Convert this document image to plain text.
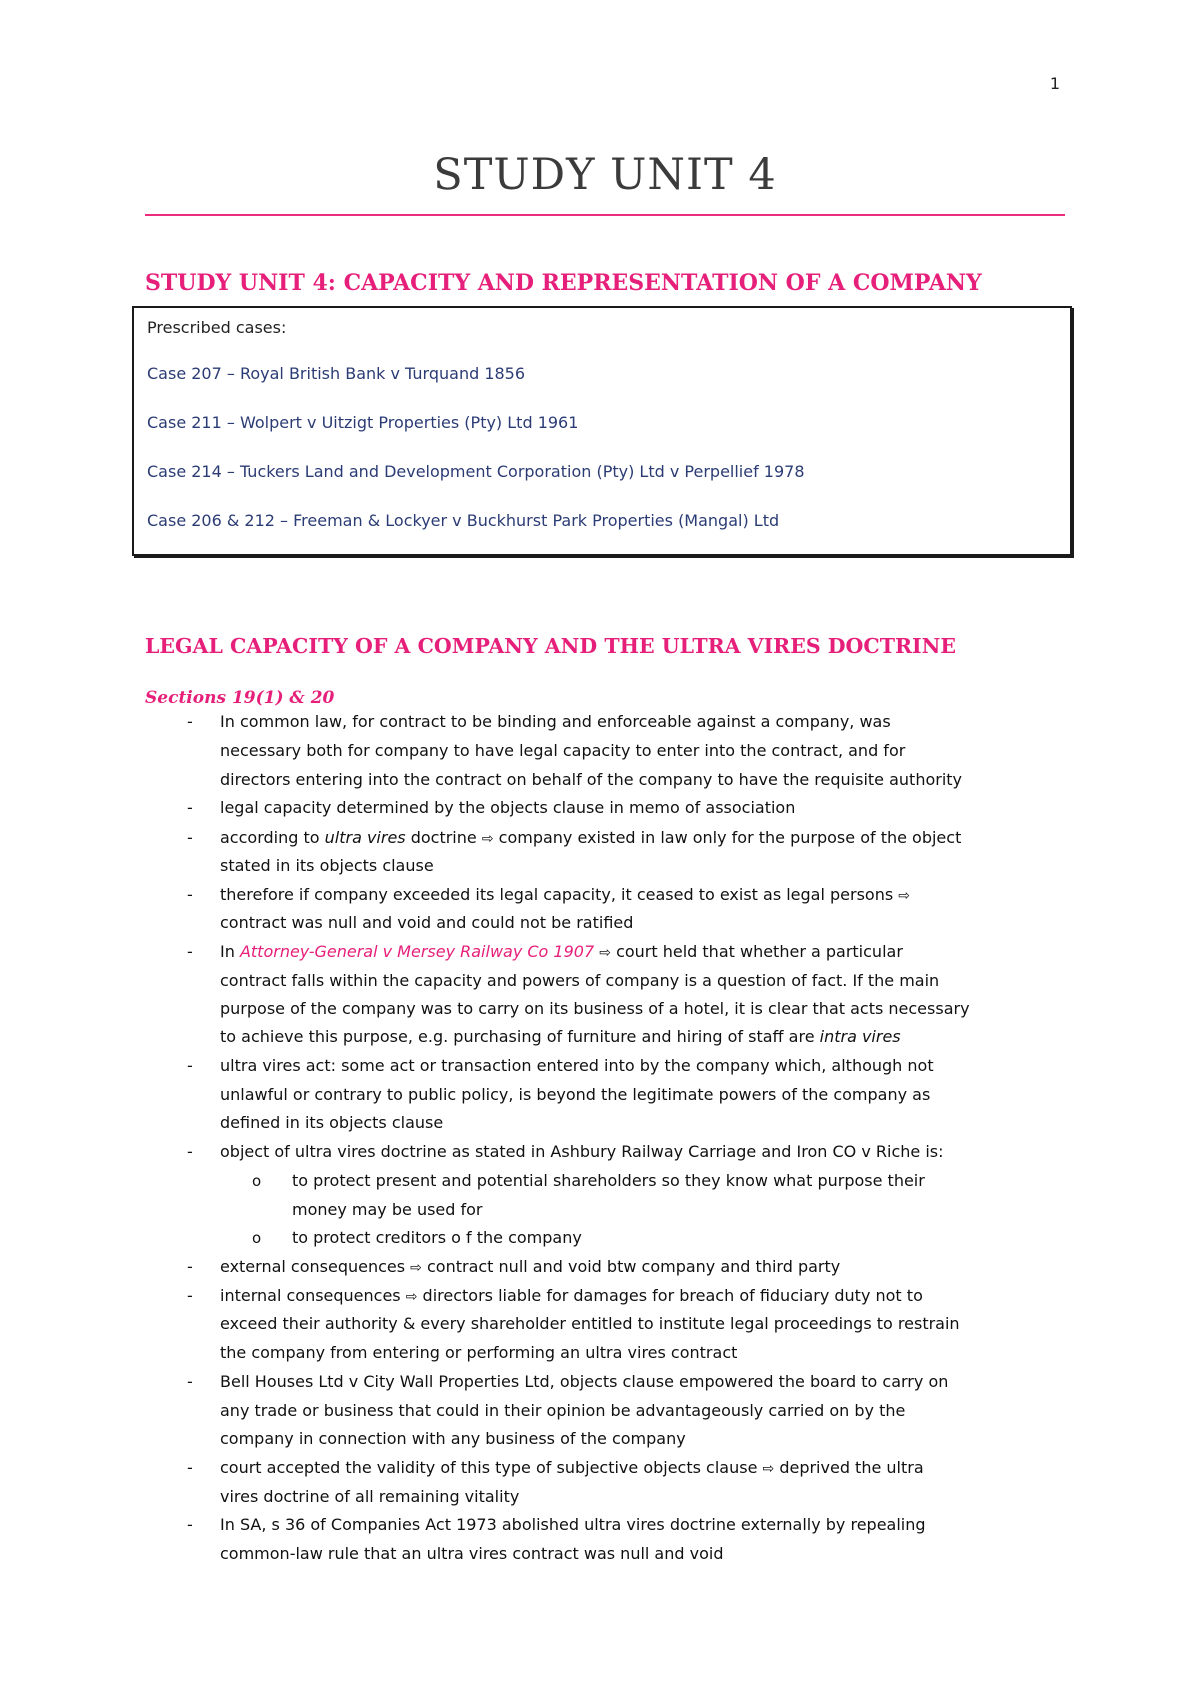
1
STUDY UNIT 4
STUDY UNIT 4: CAPACITY AND REPRESENTATION OF A COMPANY
Prescribed cases:
Case 207 – Royal British Bank v Turquand 1856
Case 211 – Wolpert v Uitzigt Properties (Pty) Ltd 1961
Case 214 – Tuckers Land and Development Corporation (Pty) Ltd v Perpellief 1978
Case 206 & 212 – Freeman & Lockyer v Buckhurst Park Properties (Mangal) Ltd
LEGAL CAPACITY OF A COMPANY AND THE ULTRA VIRES DOCTRINE
Sections 19(1) & 20
-	In common law, for contract to be binding and enforceable against a company, was
necessary both for company to have legal capacity to enter into the contract, and for
directors entering into the contract on behalf of the company to have the requisite authority
-	legal capacity determined by the objects clause in memo of association
-	according to ultra vires doctrine ⇨ company existed in law only for the purpose of the object
stated in its objects clause
-	therefore if company exceeded its legal capacity, it ceased to exist as legal persons ⇨
contract was null and void and could not be ratified
-	In Attorney-General v Mersey Railway Co 1907 ⇨ court held that whether a particular
contract falls within the capacity and powers of company is a question of fact. If the main
purpose of the company was to carry on its business of a hotel, it is clear that acts necessary
to achieve this purpose, e.g. purchasing of furniture and hiring of staff are intra vires
-	ultra vires act: some act or transaction entered into by the company which, although not
unlawful or contrary to public policy, is beyond the legitimate powers of the company as
defined in its objects clause
-	object of ultra vires doctrine as stated in Ashbury Railway Carriage and Iron CO v Riche is:
o	to protect present and potential shareholders so they know what purpose their
money may be used for
o	to protect creditors o f the company
-	external consequences ⇨ contract null and void btw company and third party
-	internal consequences ⇨ directors liable for damages for breach of fiduciary duty not to
exceed their authority & every shareholder entitled to institute legal proceedings to restrain
the company from entering or performing an ultra vires contract
-	Bell Houses Ltd v City Wall Properties Ltd, objects clause empowered the board to carry on
any trade or business that could in their opinion be advantageously carried on by the
company in connection with any business of the company
-	court accepted the validity of this type of subjective objects clause ⇨ deprived the ultra
vires doctrine of all remaining vitality
-	In SA, s 36 of Companies Act 1973 abolished ultra vires doctrine externally by repealing
common-law rule that an ultra vires contract was null and void
